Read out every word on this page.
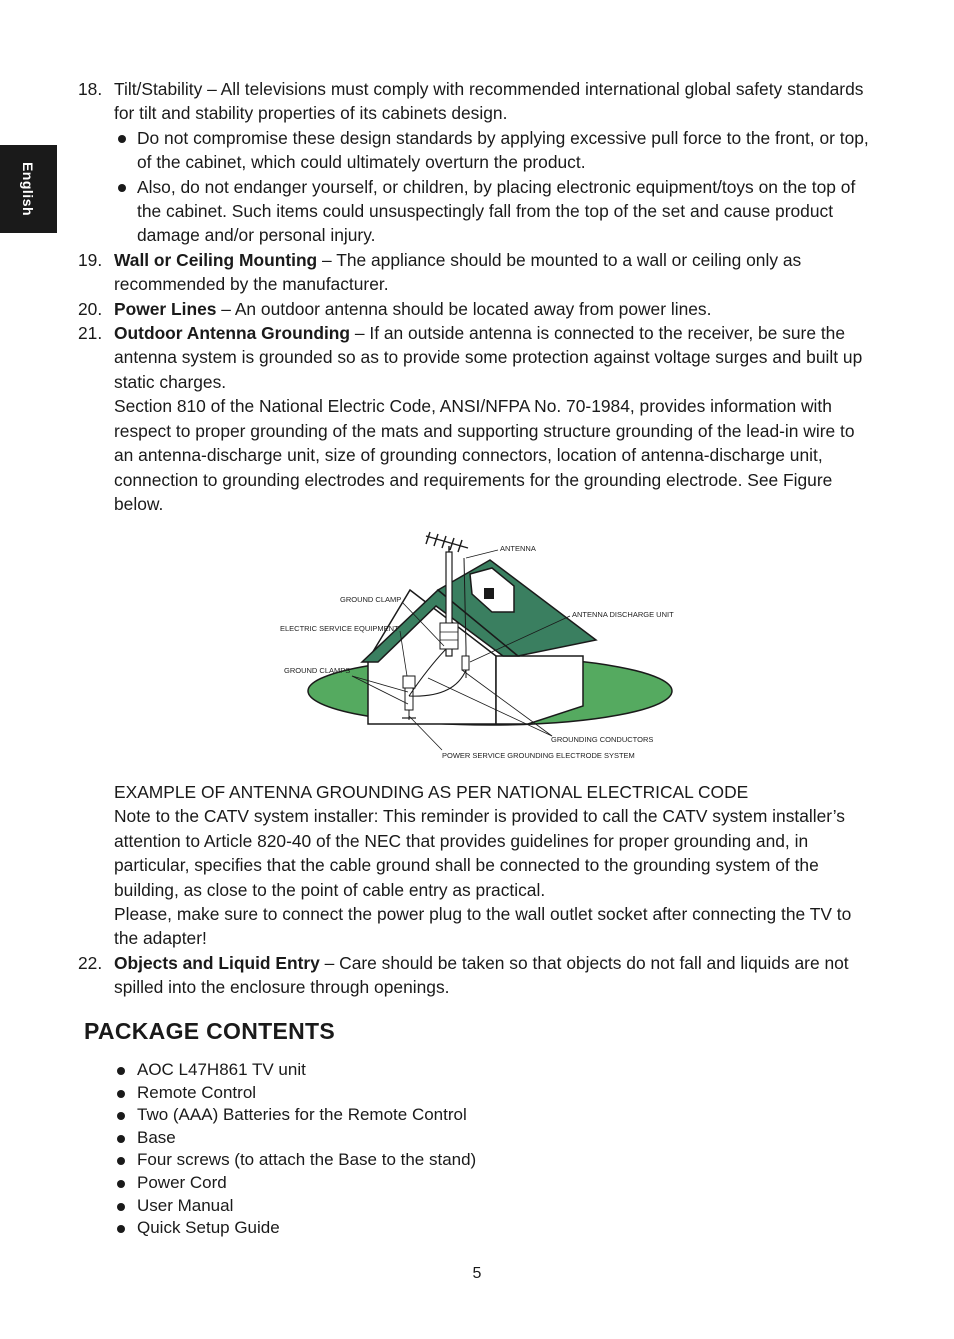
English
18. Tilt/Stability – All televisions must comply with recommended international global safety standards for tilt and stability properties of its cabinets design.
Do not compromise these design standards by applying excessive pull force to the front, or top, of the cabinet, which could ultimately overturn the product.
Also, do not endanger yourself, or children, by placing electronic equipment/toys on the top of the cabinet. Such items could unsuspectingly fall from the top of the set and cause product damage and/or personal injury.
19. Wall or Ceiling Mounting – The appliance should be mounted to a wall or ceiling only as recommended by the manufacturer.
20. Power Lines – An outdoor antenna should be located away from power lines.
21. Outdoor Antenna Grounding – If an outside antenna is connected to the receiver, be sure the antenna system is grounded so as to provide some protection against voltage surges and built up static charges.
Section 810 of the National Electric Code, ANSI/NFPA No. 70-1984, provides information with respect to proper grounding of the mats and supporting structure grounding of the lead-in wire to an antenna-discharge unit, size of grounding connectors, location of antenna-discharge unit, connection to grounding electrodes and requirements for the grounding electrode. See Figure below.
ANTENNA
GROUND CLAMP
ELECTRIC SERVICE EQUIPMENT
ANTENNA DISCHARGE UNIT
GROUND CLAMPS
GROUNDING CONDUCTORS
POWER SERVICE GROUNDING ELECTRODE SYSTEM
EXAMPLE OF ANTENNA GROUNDING AS PER NATIONAL ELECTRICAL CODE
Note to the CATV system installer: This reminder is provided to call the CATV system installer’s attention to Article 820-40 of the NEC that provides guidelines for proper grounding and, in particular, specifies that the cable ground shall be connected to the grounding system of the building, as close to the point of cable entry as practical.
Please, make sure to connect the power plug to the wall outlet socket after connecting the TV to the adapter!
22. Objects and Liquid Entry – Care should be taken so that objects do not fall and liquids are not spilled into the enclosure through openings.
PACKAGE CONTENTS
AOC L47H861 TV unit
Remote Control
Two (AAA) Batteries for the Remote Control
Base
Four screws (to attach the Base to the stand)
Power Cord
User Manual
Quick Setup Guide
5
